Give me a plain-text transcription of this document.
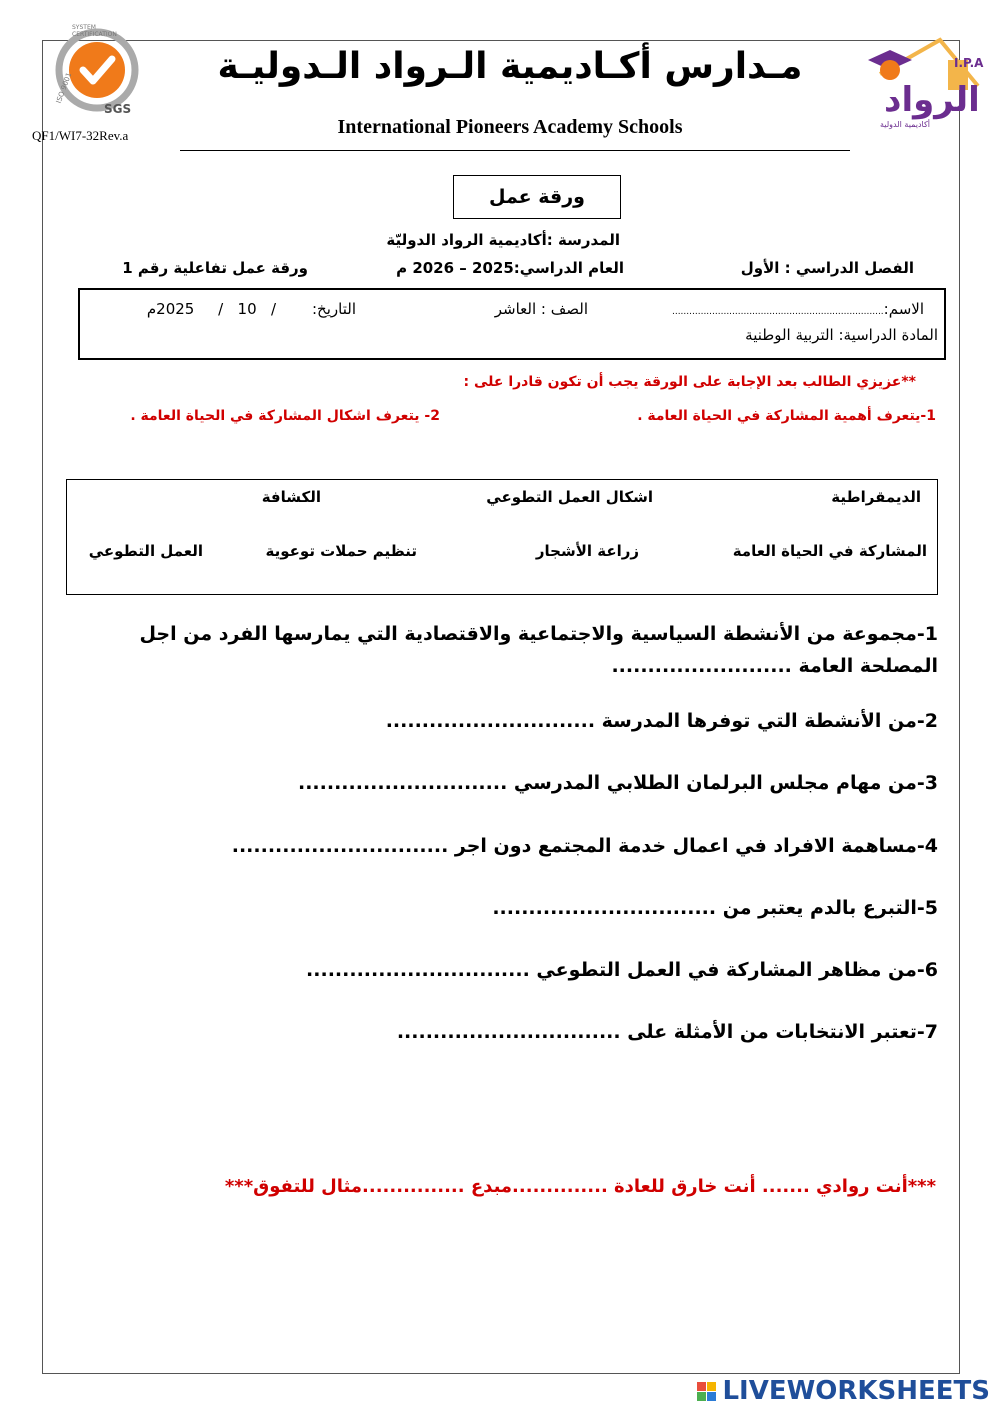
SGS
SYSTEM CERTIFICATION
ISO 9001
QF1/WI7-32Rev.a
I.P.A
الرواد
أكاديمية الدولية
مـدارس أكـاديمية الـرواد الـدوليـة
International Pioneers Academy Schools
ورقة عمل
المدرسة :أكاديمية الرواد الدوليّة
الفصل الدراسي : الأول
العام الدراسي:2025 – 2026 م
ورقة عمل تفاعلية رقم 1
الاسم:..........................................................................
الصف : العاشر
التاريخ:
/   10   /     2025م
المادة الدراسية: التربية الوطنية
**عزيزي الطالب بعد الإجابة على الورقة يجب أن تكون قادرا على :
1-يتعرف أهمية المشاركة في الحياة العامة .
2- يتعرف اشكال المشاركة في الحياة العامة .
الديمقراطية
اشكال العمل التطوعي
الكشافة
المشاركة في الحياة العامة
زراعة الأشجار
تنظيم حملات توعوية
العمل التطوعي
1-مجموعة من الأنشطة السياسية والاجتماعية والاقتصادية التي يمارسها الفرد من اجل المصلحة العامة .........................
2-من الأنشطة التي توفرها المدرسة .............................
3-من مهام مجلس البرلمان الطلابي المدرسي .............................
4-مساهمة الافراد في اعمال خدمة المجتمع دون اجر ..............................
5-التبرع بالدم يعتبر من ...............................
6-من مظاهر المشاركة في العمل التطوعي ...............................
7-تعتبر الانتخابات من الأمثلة على ...............................
***أنت روادي ....... أنت خارق للعادة ..............مبدع ...............مثال للتفوق***
LIVEWORKSHEETS
